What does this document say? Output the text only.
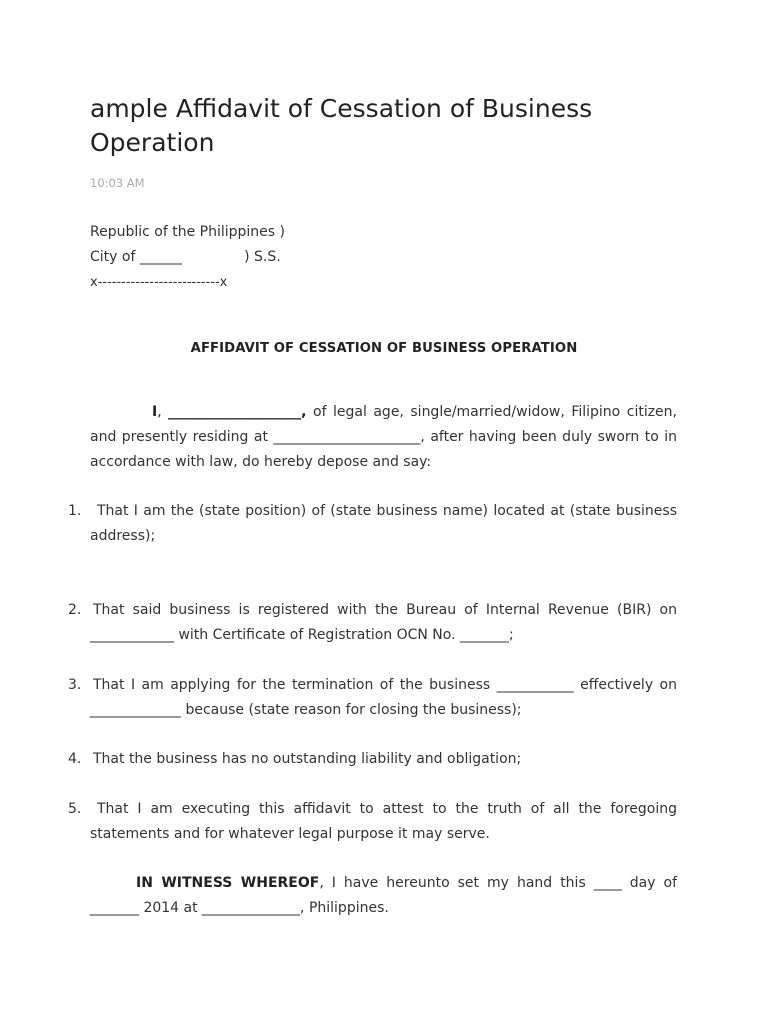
ample Affidavit of Cessation of Business Operation
10:03 AM
Republic of the Philippines )
City of ______              ) S.S.
x--------------------------x
AFFIDAVIT OF CESSATION OF BUSINESS OPERATION

I, ___________________, of legal age, single/married/widow, Filipino citizen, and presently residing at _____________________, after having been duly sworn to in accordance with law, do hereby depose and say:

1.	That I am the (state position) of (state business name) located at (state business address);

2. That said business is registered with the Bureau of Internal Revenue (BIR) on ____________ with Certificate of Registration OCN No. _______;

3. That I am applying for the termination of the business ___________ effectively on _____________ because (state reason for closing the business);

4. That the business has no outstanding liability and obligation;

5.	That I am executing this affidavit to attest to the truth of all the foregoing statements and for whatever legal purpose it may serve.

IN WITNESS WHEREOF, I have hereunto set my hand this ____ day of _______ 2014 at ______________, Philippines.
